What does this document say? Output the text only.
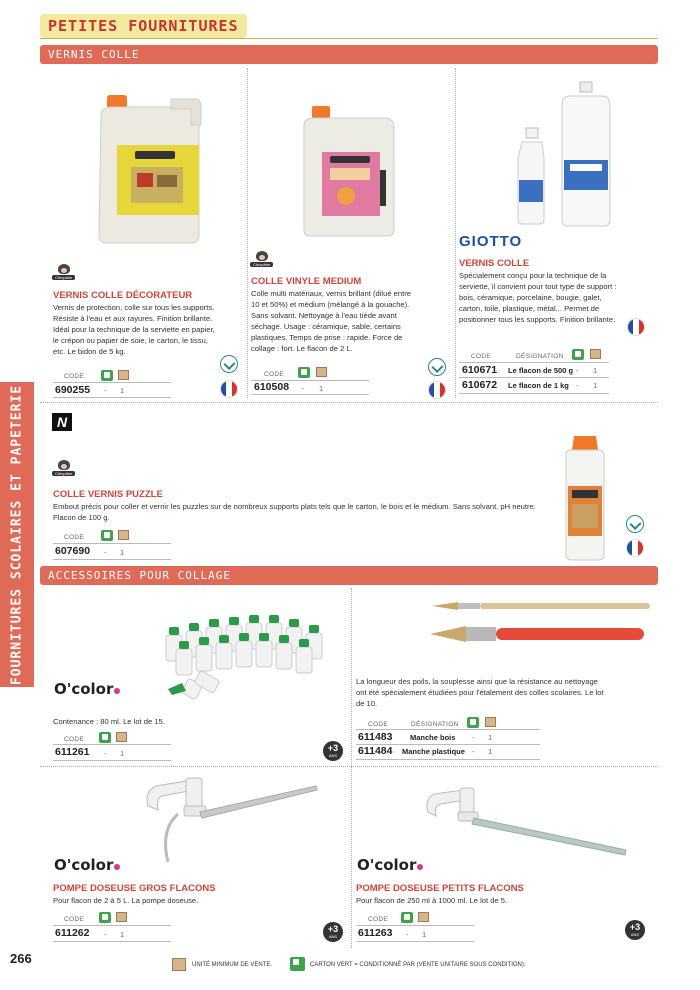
PETITES FOURNITURES
VERNIS COLLE
FOURNITURES SCOLAIRES ET PAPETERIE
Cléopâtre
VERNIS COLLE DÉCORATEUR
Vernis de protection, colle sur tous les supports. Résiste à l'eau et aux rayures. Finition brillante. Idéal pour la technique de la serviette en papier, le crépon ou papier de soie, le carton, le tissu, etc. Le bidon de 5 kg.
CODE
690255 - 1
Cléopâtre
COLLE VINYLE MEDIUM
Colle multi matériaux, vernis brillant (dilué entre 10 et 50%) et médium (mélangé à la gouache). Sans solvant. Nettoyage à l'eau tiède avant séchage. Usage : céramique, sable, certains plastiques. Temps de prise : rapide. Force de collage : fort. Le flacon de 2 L.
CODE
610508 - 1
GIOTTO
VERNIS COLLE
Spécialement conçu pour la technique de la serviette, il convient pour tout type de support : bois, céramique, porcelaine, bougie, galet, carton, toile, plastique, métal... Permet de positionner tous les supports. Finition brillante.
CODE	DÉSIGNATION
610671 Le flacon de 500 g - 1
610672 Le flacon de 1 kg - 1
N
Cléopâtre
COLLE VERNIS PUZZLE
Embout précis pour coller et vernir les puzzles sur de nombreux supports plats tels que le carton, le bois et le médium. Sans solvant. pH neutre. Flacon de 100 g.
CODE
607690 - 1
ACCESSOIRES POUR COLLAGE
O'color
Contenance : 80 ml. Le lot de 15.
CODE
611261 - 1
+3
ANS
La longueur des poils, la souplesse ainsi que la résistance au nettoyage ont été spécialement étudiées pour l'étalement des colles scolaires. Le lot de 10.
CODE	DÉSIGNATION
611483 Manche bois - 1
611484 Manche plastique - 1
O'color
POMPE DOSEUSE GROS FLACONS
Pour flacon de 2 à 5 L. La pompe doseuse.
CODE
611262 - 1
+3
ANS
O'color
POMPE DOSEUSE PETITS FLACONS
Pour flacon de 250 ml à 1000 ml. Le lot de 5.
CODE
611263 - 1
+3
ANS
266	UNITÉ MINIMUM DE VENTE.	CARTON VERT = CONDITIONNÉ PAR (VENTE UNITAIRE SOUS CONDITION).
